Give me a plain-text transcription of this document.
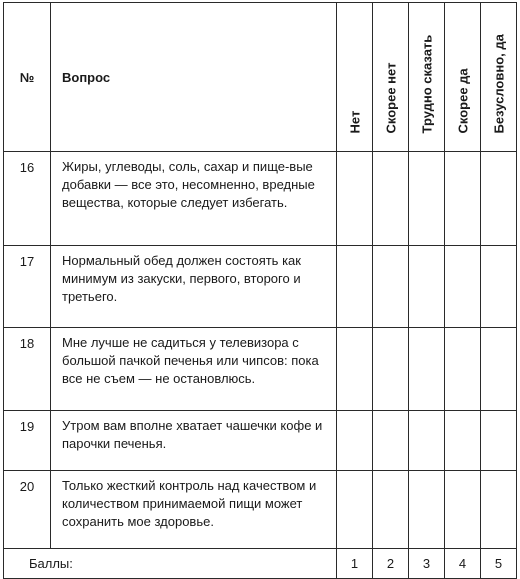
№	Вопрос	Нет	Скорее нет	Трудно сказать	Скорее да	Безусловно, да

16	Жиры, углеводы, соль, сахар и пище-вые добавки — все это, несомненно, вредные вещества, которые следует избегать.					
17	Нормальный обед должен состоять как минимум из закуски, первого, второго и третьего.					
18	Мне лучше не садиться у телевизора с большой пачкой печенья или чипсов: пока все не съем — не остановлюсь.					
19	Утром вам вполне хватает чашечки кофе и парочки печенья.					
20	Только жесткий контроль над качеством и количеством принимаемой пищи может сохранить мое здоровье.					
Баллы:		1	2	3	4	5
